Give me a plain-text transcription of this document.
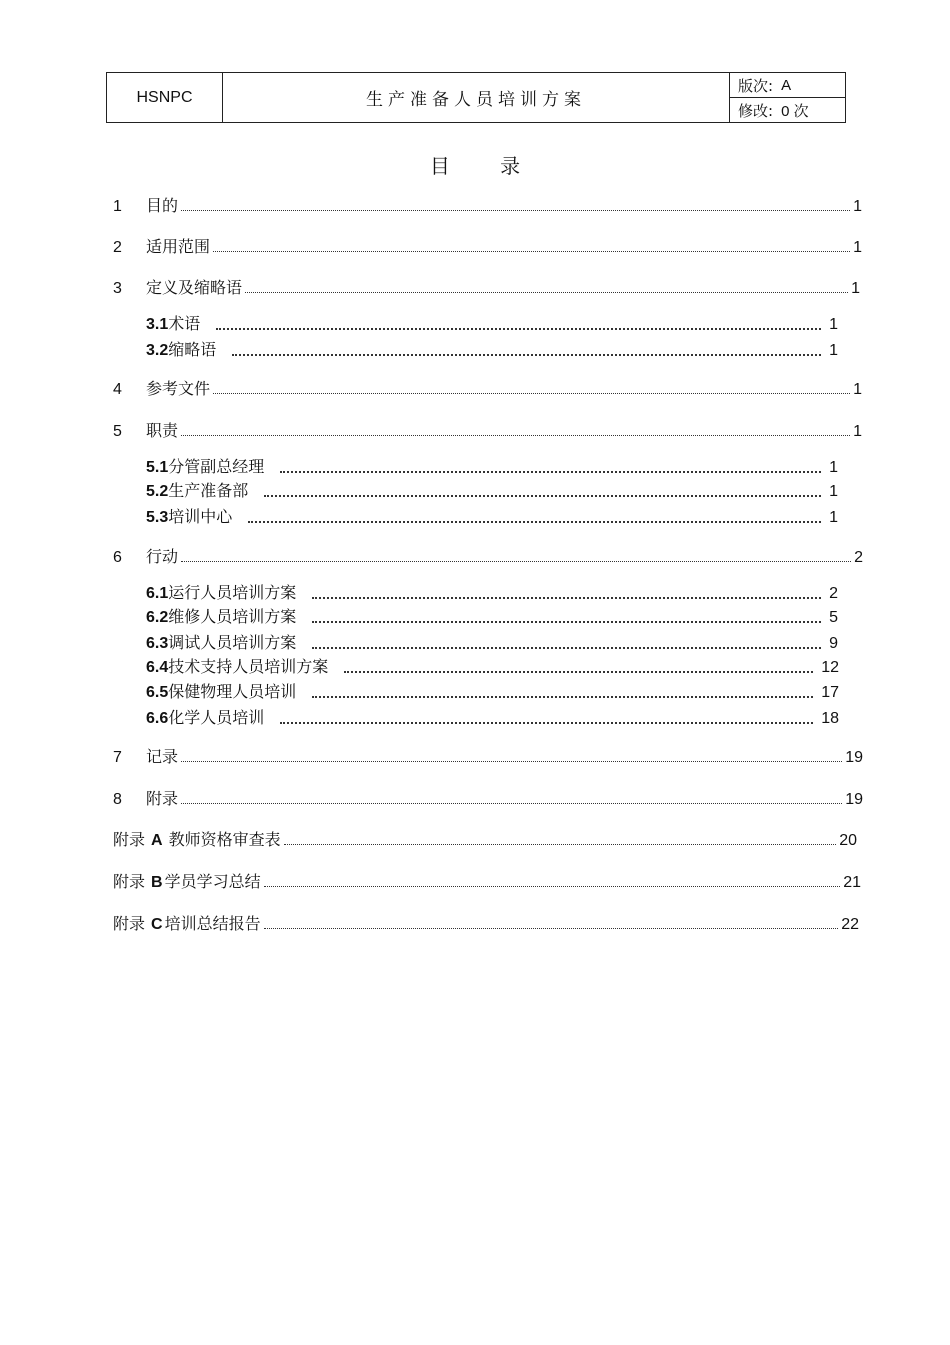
HSNPC	生产准备人员培训方案
版次: A
修改: 0 次
目 录
1	目的	1
2	适用范围	1
3	定义及缩略语	1
3.1 术语	1
3.2 缩略语	1
4	参考文件	1
5	职责	1
5.1 分管副总经理	1
5.2 生产准备部	1
5.3 培训中心	1
6	行动	2
6.1 运行人员培训方案	2
6.2 维修人员培训方案	5
6.3 调试人员培训方案	9
6.4 技术支持人员培训方案	12
6.5 保健物理人员培训	17
6.6 化学人员培训	18
7	记录	19
8	附录	19
附录 A 教师资格审查表	20
附录 B 学员学习总结	21
附录 C 培训总结报告	22
